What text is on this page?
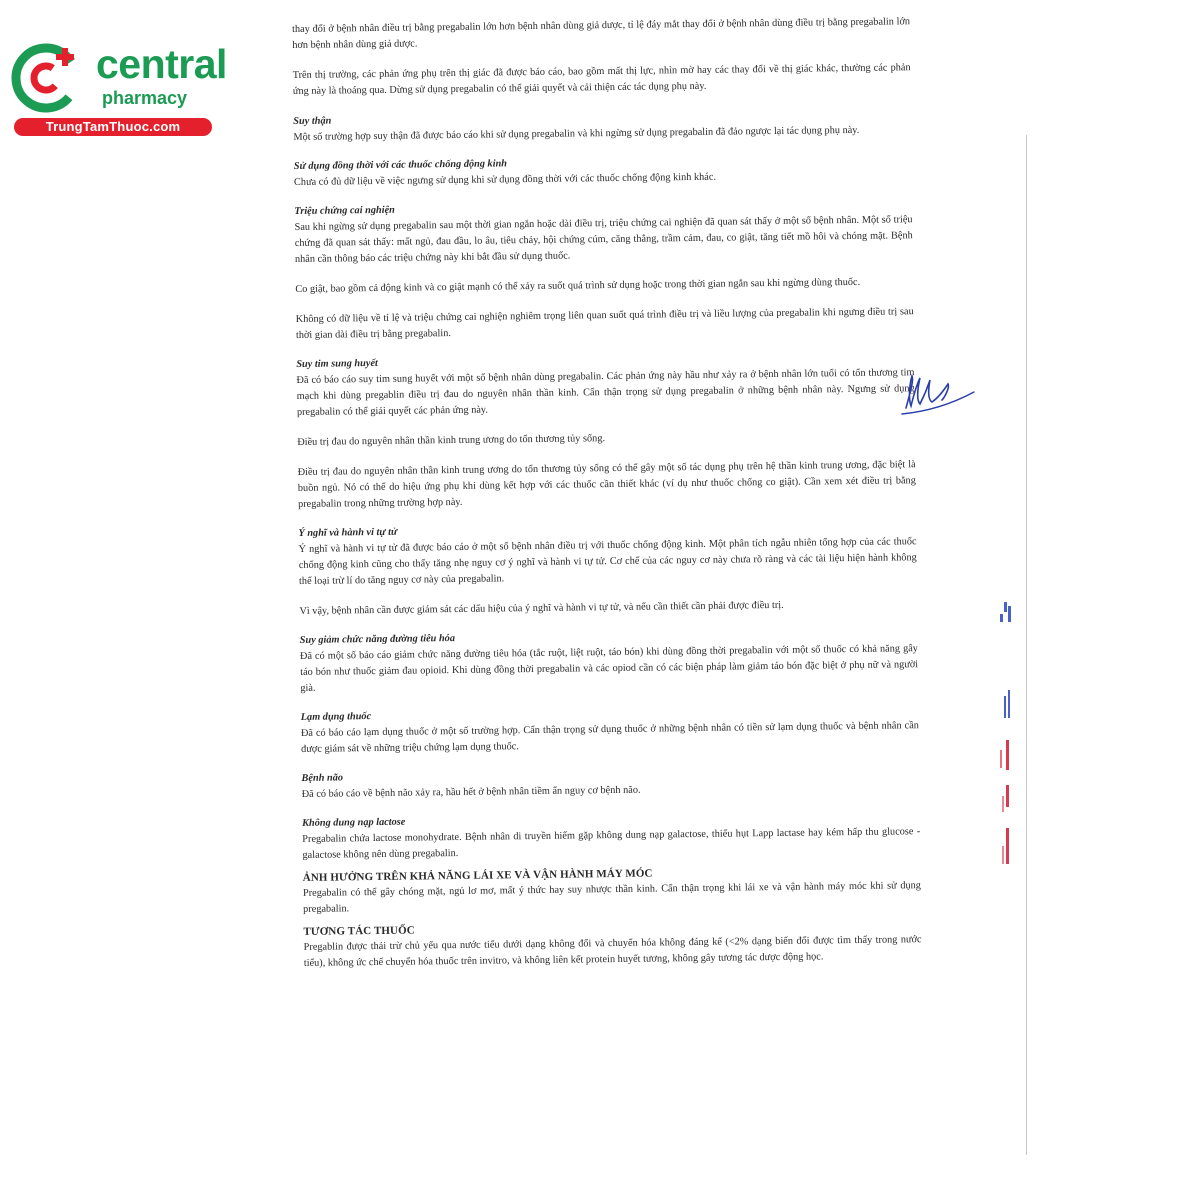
central
pharmacy
TrungTamThuoc.com

thay đổi ở bệnh nhân điều trị bằng pregabalin lớn hơn bệnh nhân dùng giả dược, tỉ lệ đáy mắt thay đổi ở bệnh nhân dùng điều trị bằng pregabalin lớn hơn bệnh nhân dùng giả dược.

Trên thị trường, các phản ứng phụ trên thị giác đã được báo cáo, bao gồm mất thị lực, nhìn mờ hay các thay đổi về thị giác khác, thường các phản ứng này là thoáng qua. Dừng sử dụng pregabalin có thể giải quyết và cải thiện các tác dụng phụ này.

Suy thận

Một số trường hợp suy thận đã được báo cáo khi sử dụng pregabalin và khi ngừng sử dụng pregabalin đã đảo ngược lại tác dụng phụ này.

Sử dụng đồng thời với các thuốc chống động kinh

Chưa có đủ dữ liệu về việc ngưng sử dụng khi sử dụng đồng thời với các thuốc chống động kinh khác.

Triệu chứng cai nghiện

Sau khi ngừng sử dụng pregabalin sau một thời gian ngắn hoặc dài điều trị, triệu chứng cai nghiện đã quan sát thấy ở một số bệnh nhân. Một số triệu chứng đã quan sát thấy: mất ngủ, đau đầu, lo âu, tiêu chảy, hội chứng cúm, căng thẳng, trầm cảm, đau, co giật, tăng tiết mồ hôi và chóng mặt. Bệnh nhân cần thông báo các triệu chứng này khi bắt đầu sử dụng thuốc.

Co giật, bao gồm cả động kinh và co giật mạnh có thể xảy ra suốt quá trình sử dụng hoặc trong thời gian ngắn sau khi ngừng dùng thuốc.

Không có dữ liệu về tỉ lệ và triệu chứng cai nghiện nghiêm trọng liên quan suốt quá trình điều trị và liều lượng của pregabalin khi ngưng điều trị sau thời gian dài điều trị bằng pregabalin.

Suy tim sung huyết

Đã có báo cáo suy tim sung huyết với một số bệnh nhân dùng pregabalin. Các phản ứng này hầu như xảy ra ở bệnh nhân lớn tuổi có tổn thương tim mạch khi dùng pregablin điều trị đau do nguyên nhân thần kinh. Cẩn thận trọng sử dụng pregabalin ở những bệnh nhân này. Ngưng sử dụng pregabalin có thể giải quyết các phản ứng này.

Điều trị đau do nguyên nhân thần kinh trung ương do tổn thương tủy sống.

Điều trị đau do nguyên nhân thần kinh trung ương do tổn thương tủy sống có thể gây một số tác dụng phụ trên hệ thần kinh trung ương, đặc biệt là buồn ngủ. Nó có thể do hiệu ứng phụ khi dùng kết hợp với các thuốc cần thiết khác (ví dụ như thuốc chống co giật). Cần xem xét điều trị bằng pregabalin trong những trường hợp này.

Ý nghĩ và hành vi tự tử

Ý nghĩ và hành vi tự tử đã được báo cáo ở một số bệnh nhân điều trị với thuốc chống động kinh. Một phân tích ngẫu nhiên tổng hợp của các thuốc chống động kinh cũng cho thấy tăng nhẹ nguy cơ ý nghĩ và hành vi tự tử. Cơ chế của các nguy cơ này chưa rõ ràng và các tài liệu hiện hành không thể loại trừ lí do tăng nguy cơ này của pregabalin.

Vì vậy, bệnh nhân cần được giám sát các dấu hiệu của ý nghĩ và hành vi tự tử, và nếu cần thiết cần phải được điều trị.

Suy giảm chức năng đường tiêu hóa

Đã có một số báo cáo giảm chức năng đường tiêu hóa (tắc ruột, liệt ruột, táo bón) khi dùng đồng thời pregabalin với một số thuốc có khả năng gây táo bón như thuốc giảm đau opioid. Khi dùng đồng thời pregabalin và các opiod cần có các biện pháp làm giảm táo bón đặc biệt ở phụ nữ và người già.

Lạm dụng thuốc

Đã có báo cáo lạm dụng thuốc ở một số trường hợp. Cẩn thận trọng sử dụng thuốc ở những bệnh nhân có tiền sử lạm dụng thuốc và bệnh nhân cần được giám sát về những triệu chứng lạm dụng thuốc.

Bệnh não

Đã có báo cáo về bệnh não xảy ra, hầu hết ở bệnh nhân tiềm ẩn nguy cơ bệnh não.

Không dung nạp lactose

Pregabalin chứa lactose monohydrate. Bệnh nhân di truyền hiếm gặp không dung nạp galactose, thiếu hụt Lapp lactase hay kém hấp thu glucose - galactose không nên dùng pregabalin.

ẢNH HƯỞNG TRÊN KHẢ NĂNG LÁI XE VÀ VẬN HÀNH MÁY MÓC

Pregabalin có thể gây chóng mặt, ngủ lơ mơ, mất ý thức hay suy nhược thần kinh. Cẩn thận trọng khi lái xe và vận hành máy móc khi sử dụng pregabalin.

TƯƠNG TÁC THUỐC

Pregablin được thải trừ chủ yếu qua nước tiểu dưới dạng không đổi và chuyển hóa không đáng kể (<2% dạng biến đổi được tìm thấy trong nước tiểu), không ức chế chuyển hóa thuốc trên invitro, và không liên kết protein huyết tương, không gây tương tác dược động học.
